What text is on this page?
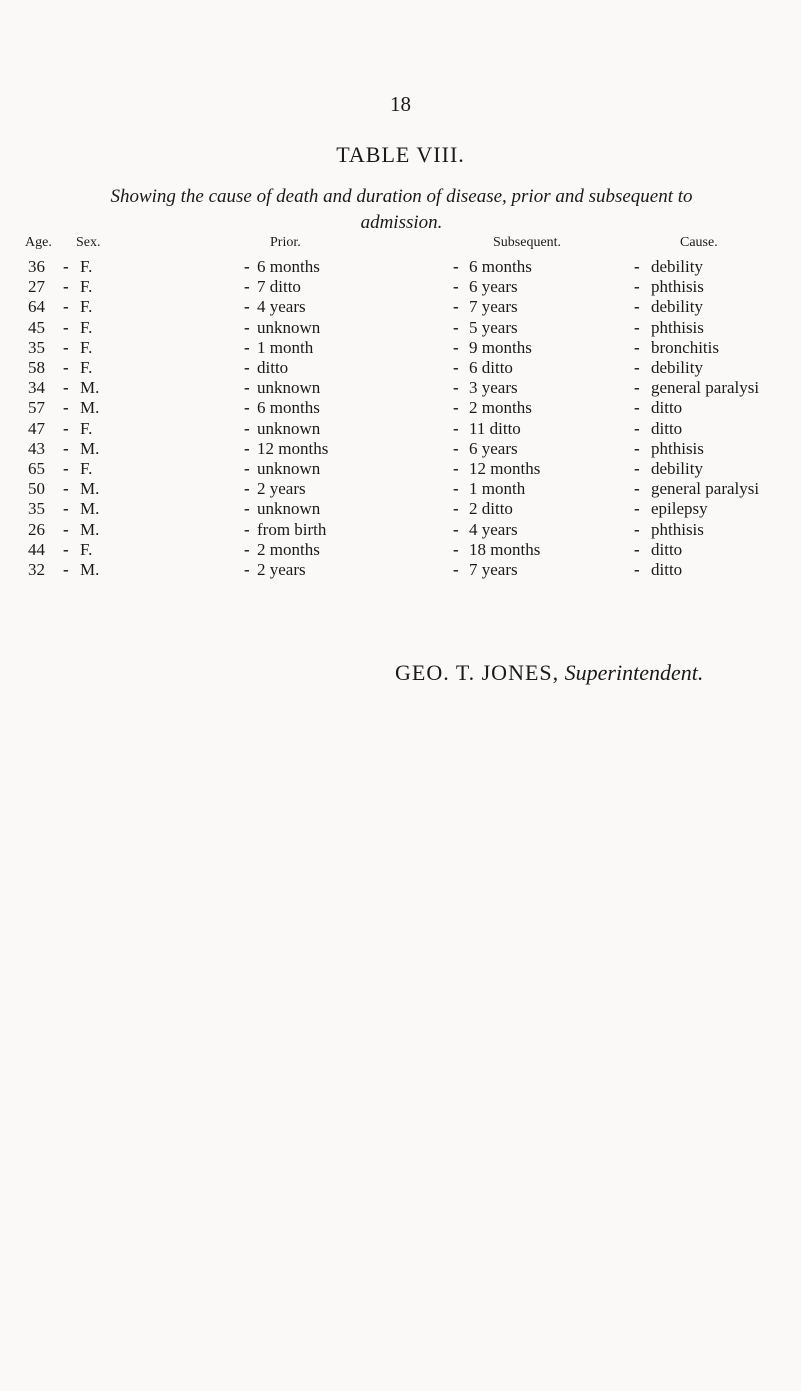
18
TABLE VIII.
Showing the cause of death and duration of disease, prior and subsequent to
admission.
Age. Sex.	Prior.	Subsequent.	Cause.
36 - F.	- 6 months	- 6 months	- debility
27 - F.	- 7 ditto	- 6 years	- phthisis
64 - F.	- 4 years	- 7 years	- debility
45 - F.	- unknown	- 5 years	- phthisis
35 - F.	- 1 month	- 9 months	- bronchitis
58 - F.	- ditto	- 6 ditto	- debility
34 - M.	- unknown	- 3 years	- general paralysi
57 - M.	- 6 months	- 2 months	- ditto
47 - F.	- unknown	- 11 ditto	- ditto
43 - M.	- 12 months	- 6 years	- phthisis
65 - F.	- unknown	- 12 months	- debility
50 - M.	- 2 years	- 1 month	- general paralysi
35 - M.	- unknown	- 2 ditto	- epilepsy
26 - M.	- from birth	- 4 years	- phthisis
44 - F.	- 2 months	- 18 months	- ditto
32 - M.	- 2 years	- 7 years	- ditto
GEO. T. JONES, Superintendent.
